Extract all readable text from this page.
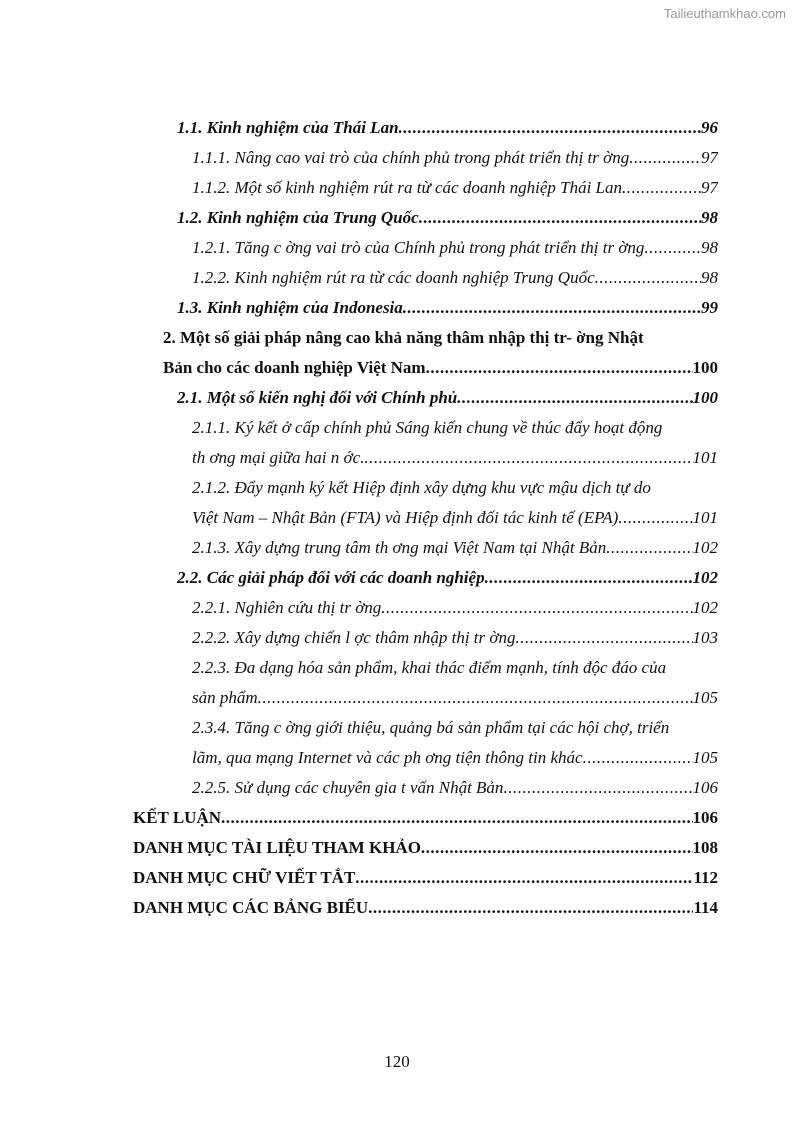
Tailieuthamkhao.com
1.1. Kinh nghiệm của Thái Lan .....	96
1.1.1. Nâng cao vai trò của chính phủ trong phát triển thị tr ờng .....	97
1.1.2. Một số kinh nghiệm rút ra từ các doanh nghiệp Thái Lan .....	97
1.2. Kinh nghiệm của Trung Quốc .....	98
1.2.1. Tăng c ờng vai trò của Chính phủ trong phát triển thị tr ờng .....	98
1.2.2. Kinh nghiệm rút ra từ các doanh nghiệp Trung Quốc .....	98
1.3. Kinh nghiệm của Indonesia .....	99
2. Một số giải pháp nâng cao khả năng thâm nhập thị tr- ờng Nhật
Bản cho các doanh nghiệp Việt Nam .....	100
2.1. Một số kiến nghị đối với Chính phủ .....	100
2.1.1. Ký kết ở cấp chính phủ Sáng kiến chung về thúc đẩy hoạt động
th ơng mại giữa hai n ớc. .....	101
2.1.2. Đẩy mạnh ký kết Hiệp định xây dựng khu vực mậu dịch tự do
Việt Nam – Nhật Bản (FTA) và Hiệp định đối tác kinh tế (EPA) .....	101
2.1.3. Xây dựng trung tâm th ơng mại Việt Nam tại Nhật Bản .....	102
2.2. Các giải pháp đối với các doanh nghiệp .....	102
2.2.1. Nghiên cứu thị tr ờng .....	102
2.2.2. Xây dựng chiến l ợc thâm nhập thị tr ờng .....	103
2.2.3. Đa dạng hóa sản phẩm, khai thác điểm mạnh, tính độc đáo của
sản phẩm .....	105
2.3.4. Tăng c ờng giới thiệu, quảng bá sản phẩm tại các hội chợ, triển
lãm, qua mạng Internet và các ph ơng tiện thông tin khác .....	105
2.2.5. Sử dụng các chuyên gia t vấn Nhật Bản .....	106
KẾT LUẬN .....	106
DANH MỤC TÀI LIỆU THAM KHẢO .....	108
DANH MỤC CHỮ VIẾT TẮT .....	112
DANH MỤC CÁC BẢNG BIỂU .....	114
120
